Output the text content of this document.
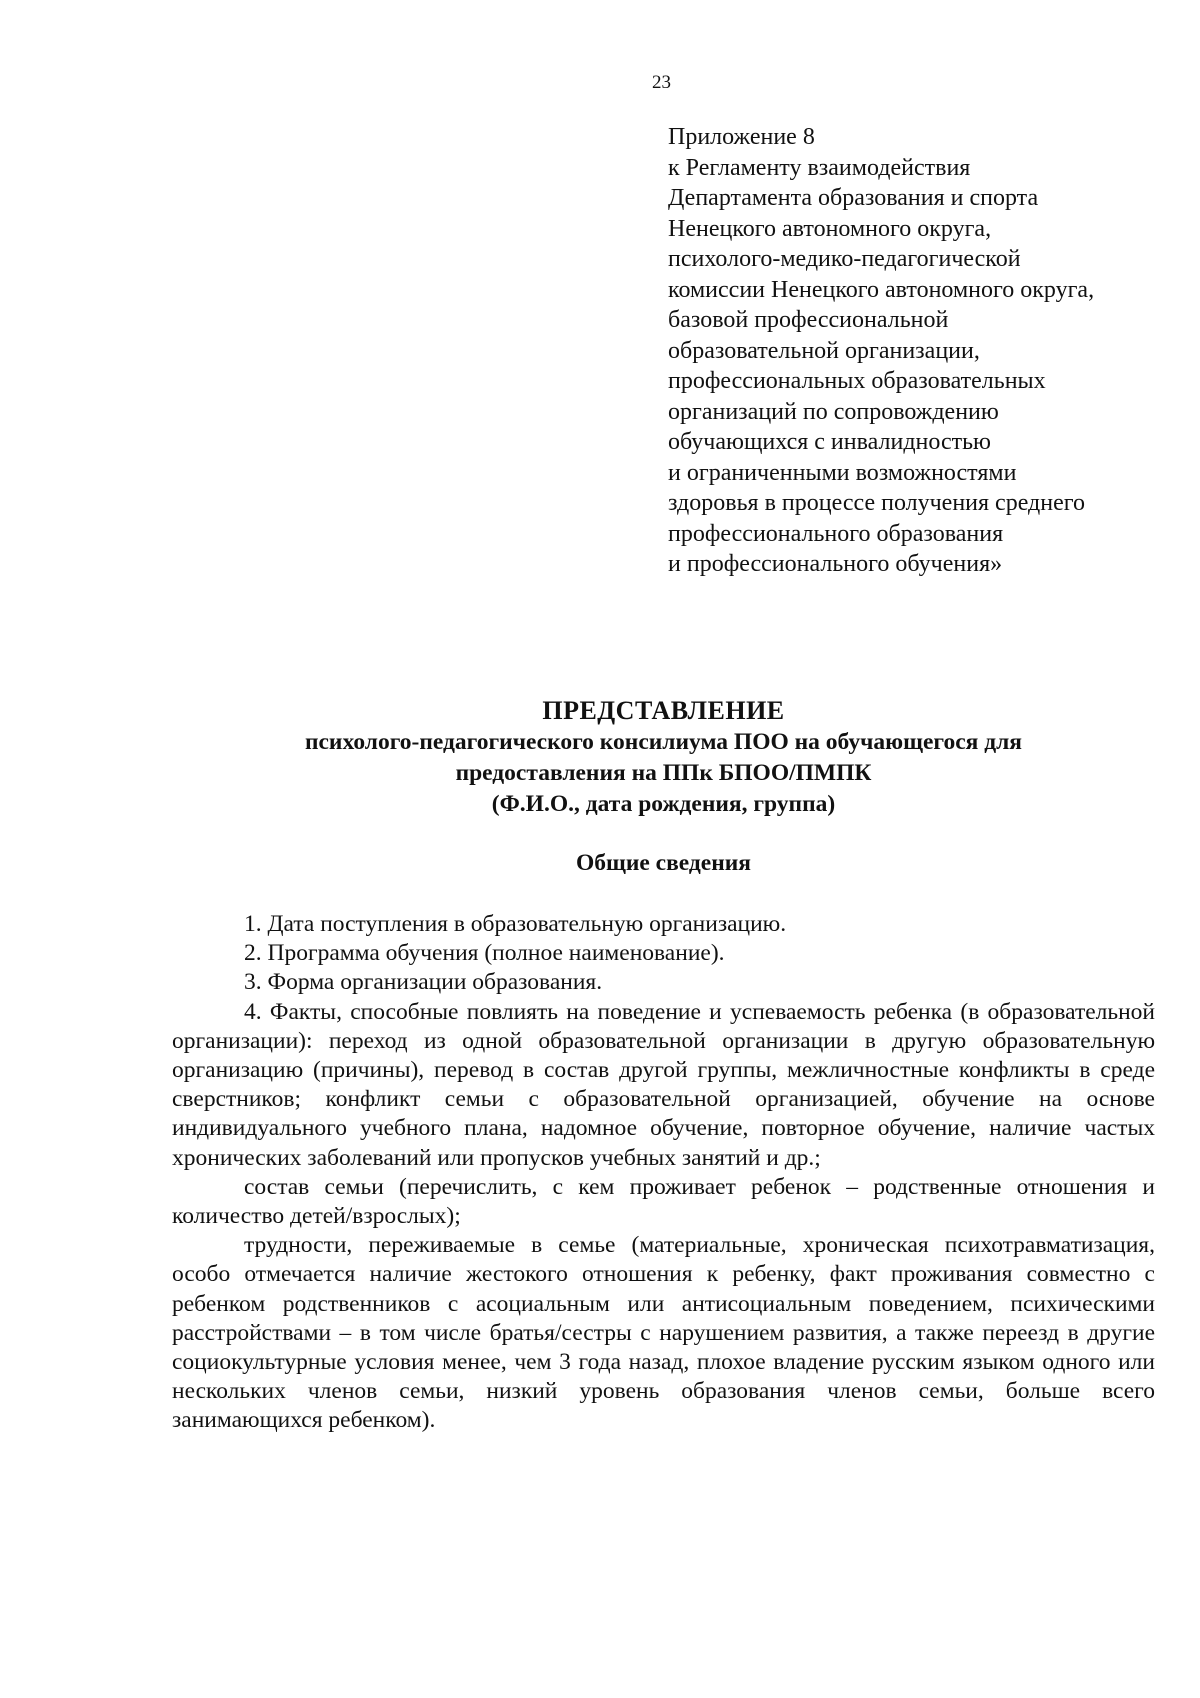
23
Приложение 8
к Регламенту взаимодействия
Департамента образования и спорта
Ненецкого автономного округа,
психолого-медико-педагогической
комиссии Ненецкого автономного округа,
базовой профессиональной
образовательной организации,
профессиональных образовательных
организаций по сопровождению
обучающихся с инвалидностью
и ограниченными возможностями
здоровья в процессе получения среднего
профессионального образования
и профессионального обучения»
ПРЕДСТАВЛЕНИЕ
психолого-педагогического консилиума ПОО на обучающегося для
предоставления на ППк БПОО/ПМПК
(Ф.И.О., дата рождения, группа)
Общие сведения
1. Дата поступления в образовательную организацию.
2. Программа обучения (полное наименование).
3. Форма организации образования.
4. Факты, способные повлиять на поведение и успеваемость ребенка (в образовательной организации): переход из одной образовательной организации в другую образовательную организацию (причины), перевод в состав другой группы, межличностные конфликты в среде сверстников; конфликт семьи с образовательной организацией, обучение на основе индивидуального учебного плана, надомное обучение, повторное обучение, наличие частых хронических заболеваний или пропусков учебных занятий и др.;
состав семьи (перечислить, с кем проживает ребенок – родственные отношения и количество детей/взрослых);
трудности, переживаемые в семье (материальные, хроническая психотравматизация, особо отмечается наличие жестокого отношения к ребенку, факт проживания совместно с ребенком родственников с асоциальным или антисоциальным поведением, психическими расстройствами – в том числе братья/сестры с нарушением развития, а также переезд в другие социокультурные условия менее, чем 3 года назад, плохое владение русским языком одного или нескольких членов семьи, низкий уровень образования членов семьи, больше всего занимающихся ребенком).
